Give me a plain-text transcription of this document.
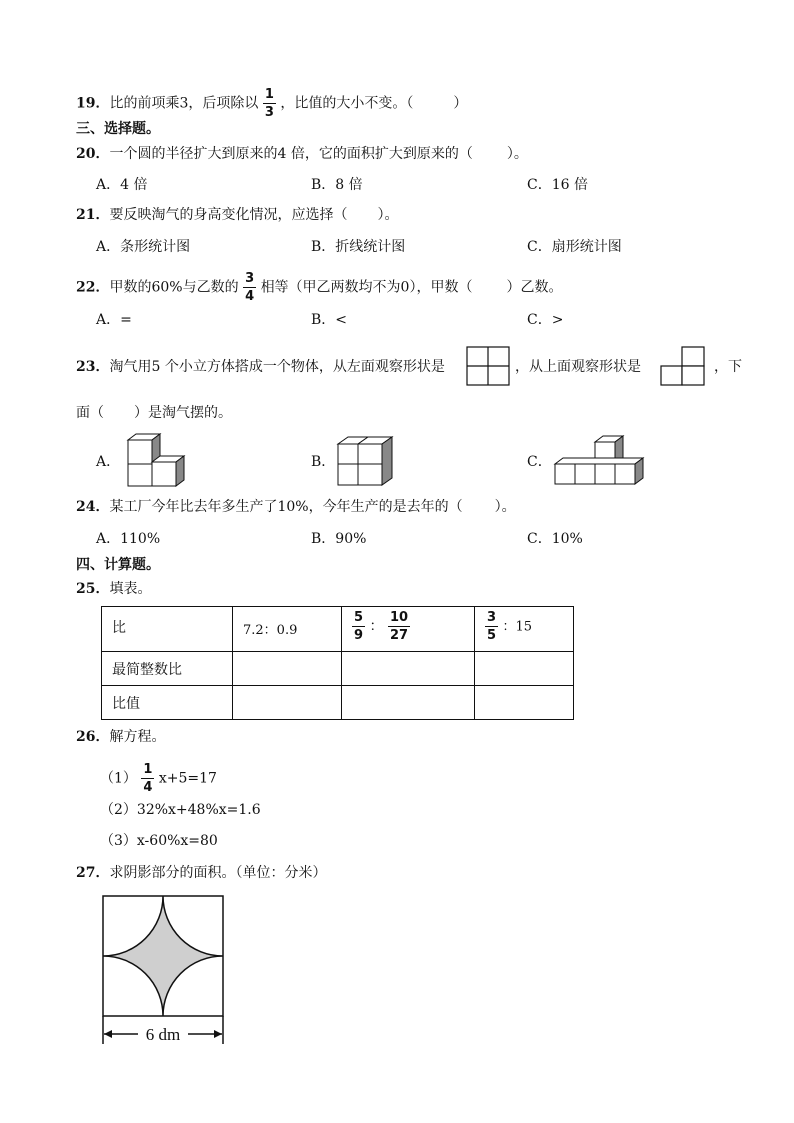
19．比的前项乘3，后项除以 $\frac{1}{3}$ ，比值的大小不变。（	）
三、选择题。
20．一个圆的半径扩大到原来的4 倍，它的面积扩大到原来的（ ）。
A．4 倍	B．8 倍	C．16 倍
21．要反映淘气的身高变化情况，应选择（ ）。
A．条形统计图	B．折线统计图	C．扇形统计图
22．甲数的60%与乙数的 $\frac{3}{4}$ 相等（甲乙两数均不为0），甲数（ ）乙数。
A．=	B．<	C．>
23．淘气用5 个小立方体搭成一个物体，从左面观察形状是	，从上面观察形状是	，下
面（ ）是淘气摆的。
A．	B．	C．
24．某工厂今年比去年多生产了10%，今年生产的是去年的（ ）。
A．110%	B．90%	C．10%
四、计算题。
25．填表。
比	7.2：0.9	$\frac{5}{9}$ ： $\frac{10}{27}$	$\frac{3}{5}$ ：15
最简整数比			
比值			
26．解方程。
$(1) \frac{1}{4} x+5=17$
（2）32%x+48%x=1.6
（3）x-60%x=80
27．求阴影部分的面积。（单位：分米）
6 dm
